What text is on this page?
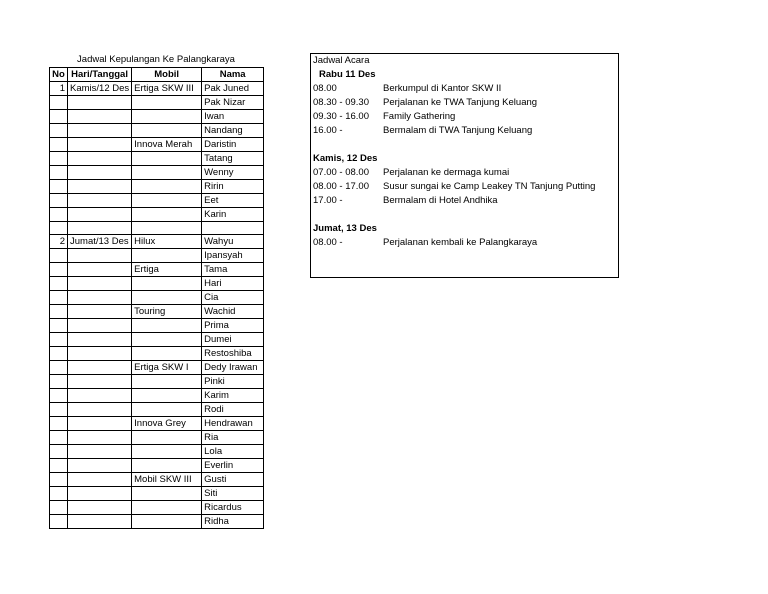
Jadwal Kepulangan Ke Palangkaraya
No	Hari/Tanggal	Mobil	Nama
1	Kamis/12 Des	Ertiga SKW III	Pak Juned
			Pak Nizar
			Iwan
			Nandang
		Innova Merah	Daristin
			Tatang
			Wenny
			Ririn
			Eet
			Karin

2	Jumat/13 Des	Hilux	Wahyu
			Ipansyah
		Ertiga	Tama
			Hari
			Cia
		Touring	Wachid
			Prima
			Dumei
			Restoshiba
		Ertiga SKW I	Dedy Irawan
			Pinki
			Karim
			Rodi
		Innova Grey	Hendrawan
			Ria
			Lola
			Everlin
		Mobil SKW III	Gusti
			Siti
			Ricardus
			Ridha
Jadwal Acara
Rabu 11 Des
08.00	Berkumpul di Kantor SKW II
08.30 - 09.30 Perjalanan ke TWA Tanjung Keluang
09.30 - 16.00 Family Gathering
16.00 -	Bermalam di TWA Tanjung Keluang
Kamis, 12 Des
07.00 - 08.00 Perjalanan ke dermaga kumai
08.00 - 17.00 Susur sungai ke Camp Leakey TN Tanjung Putting
17.00 -	Bermalam di Hotel Andhika
Jumat, 13 Des
08.00 -	Perjalanan kembali ke Palangkaraya
